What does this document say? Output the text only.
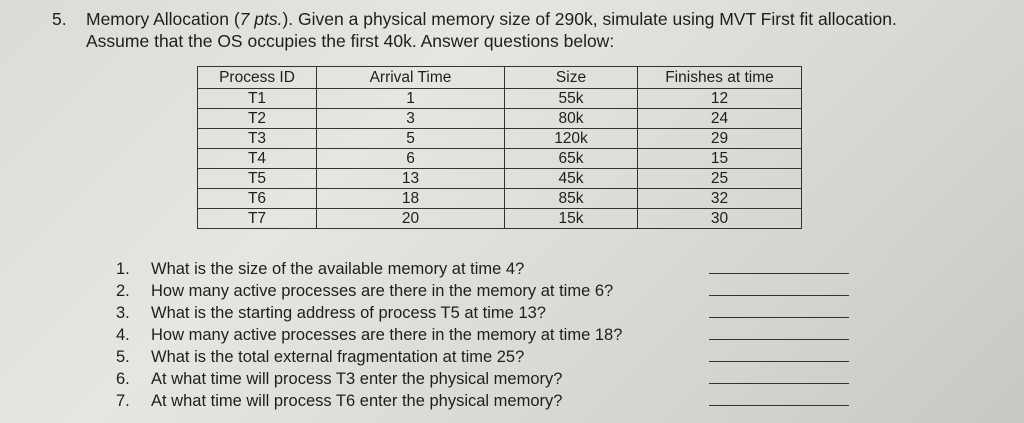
5. Memory Allocation (7 pts.). Given a physical memory size of 290k, simulate using MVT First fit allocation.
Assume that the OS occupies the first 40k. Answer questions below:
Process ID	Arrival Time	Size	Finishes at time
T1	1	55k	12
T2	3	80k	24
T3	5	120k	29
T4	6	65k	15
T5	13	45k	25
T6	18	85k	32
T7	20	15k	30
1. What is the size of the available memory at time 4?
2. How many active processes are there in the memory at time 6?
3. What is the starting address of process T5 at time 13?
4. How many active processes are there in the memory at time 18?
5. What is the total external fragmentation at time 25?
6. At what time will process T3 enter the physical memory?
7. At what time will process T6 enter the physical memory?
